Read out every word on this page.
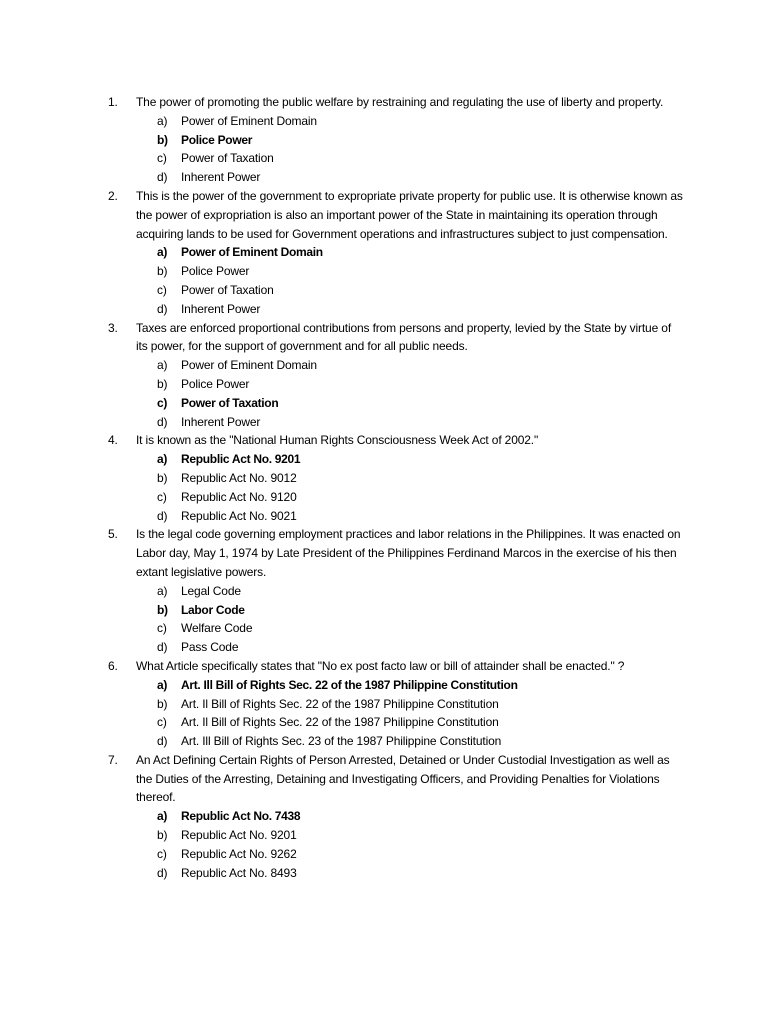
1.	The power of promoting the public welfare by restraining and regulating the use of liberty and property.
a) Power of Eminent Domain
b) Police Power
c) Power of Taxation
d) Inherent Power
2.	This is the power of the government to expropriate private property for public use. It is otherwise known as the power of expropriation is also an important power of the State in maintaining its operation through acquiring lands to be used for Government operations and infrastructures subject to just compensation.
a) Power of Eminent Domain
b) Police Power
c) Power of Taxation
d) Inherent Power
3.	Taxes are enforced proportional contributions from persons and property, levied by the State by virtue of its power, for the support of government and for all public needs.
a) Power of Eminent Domain
b) Police Power
c) Power of Taxation
d) Inherent Power
4.	It is known as the "National Human Rights Consciousness Week Act of 2002."
a) Republic Act No. 9201
b) Republic Act No. 9012
c) Republic Act No. 9120
d) Republic Act No. 9021
5.	Is the legal code governing employment practices and labor relations in the Philippines. It was enacted on Labor day, May 1, 1974 by Late President of the Philippines Ferdinand Marcos in the exercise of his then extant legislative powers.
a) Legal Code
b) Labor Code
c) Welfare Code
d) Pass Code
6.	What Article specifically states that "No ex post facto law or bill of attainder shall be enacted." ?
a) Art. Ill Bill of Rights Sec. 22 of the 1987 Philippine Constitution
b) Art. Il Bill of Rights Sec. 22 of the 1987 Philippine Constitution
c) Art. Il Bill of Rights Sec. 22 of the 1987 Philippine Constitution
d) Art. Ill Bill of Rights Sec. 23 of the 1987 Philippine Constitution
7.	An Act Defining Certain Rights of Person Arrested, Detained or Under Custodial Investigation as well as the Duties of the Arresting, Detaining and Investigating Officers, and Providing Penalties for Violations thereof.
a) Republic Act No. 7438
b) Republic Act No. 9201
c) Republic Act No. 9262
d) Republic Act No. 8493
